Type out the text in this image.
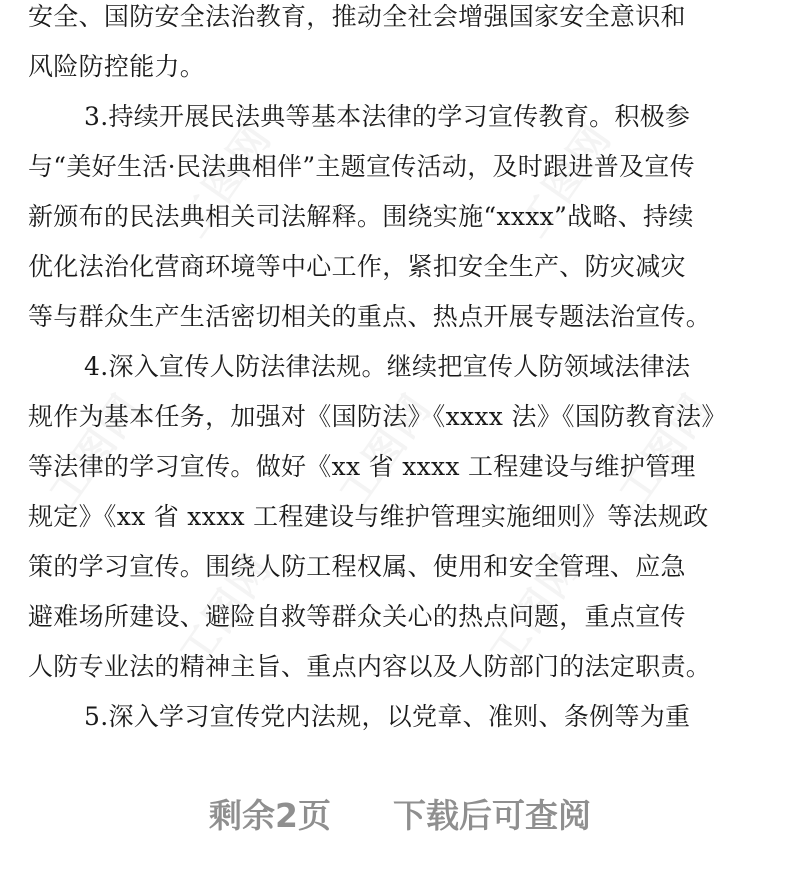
工图网	工图网
工图网	工图网	工图网
工图网	工图网
安全、国防安全法治教育，推动全社会增强国家安全意识和
风险防控能力。
3.持续开展民法典等基本法律的学习宣传教育。积极参
与“美好生活·民法典相伴”主题宣传活动，及时跟进普及宣传
新颁布的民法典相关司法解释。围绕实施“xxxx”战略、持续
优化法治化营商环境等中心工作，紧扣安全生产、防灾减灾
等与群众生产生活密切相关的重点、热点开展专题法治宣传。
4.深入宣传人防法律法规。继续把宣传人防领域法律法
规作为基本任务，加强对《国防法》《xxxx 法》《国防教育法》
等法律的学习宣传。做好《xx 省 xxxx 工程建设与维护管理
规定》《xx 省 xxxx 工程建设与维护管理实施细则》等法规政
策的学习宣传。围绕人防工程权属、使用和安全管理、应急
避难场所建设、避险自救等群众关心的热点问题，重点宣传
人防专业法的精神主旨、重点内容以及人防部门的法定职责。
5.深入学习宣传党内法规，以党章、准则、条例等为重
剩余2页 下载后可查阅
